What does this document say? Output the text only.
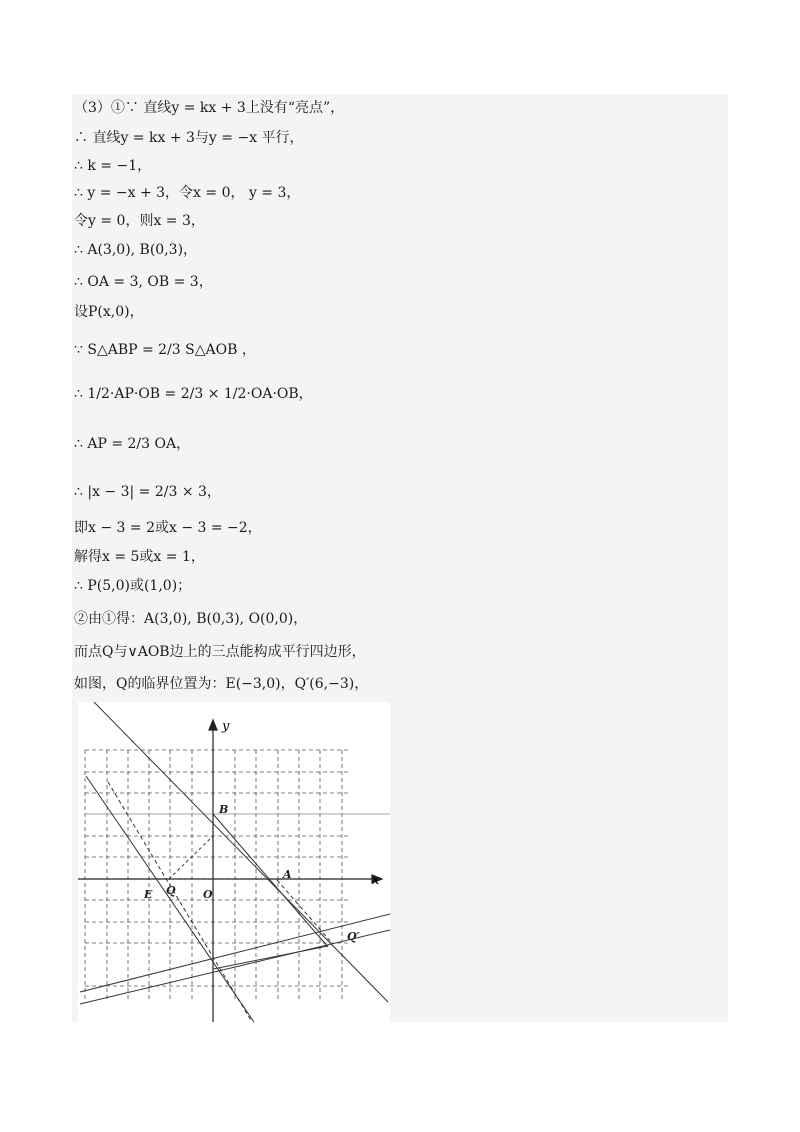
（3）①∵ 直线y = kx + 3上没有“亮点”，
∴ 直线y = kx + 3与y = −x 平行，
∴ k = −1，
∴ y = −x + 3，令x = 0， y = 3，
令y = 0，则x = 3，
∴ A(3,0), B(0,3)，
∴ OA = 3, OB = 3，
设P(x,0)，
∵ S△ABP = 2/3 S△AOB ，
∴ 1/2·AP·OB = 2/3 × 1/2·OA·OB，
∴ AP = 2/3 OA，
∴ |x − 3| = 2/3 × 3，
即x − 3 = 2或x − 3 = −2，
解得x = 5或x = 1，
∴ P(5,0)或(1,0)；
②由①得：A(3,0), B(0,3), O(0,0)，
而点Q与∨AOB边上的三点能构成平行四边形，
如图，Q的临界位置为：E(−3,0)，Q′(6,−3)，
x
y
B
A
E Q O
Q′
